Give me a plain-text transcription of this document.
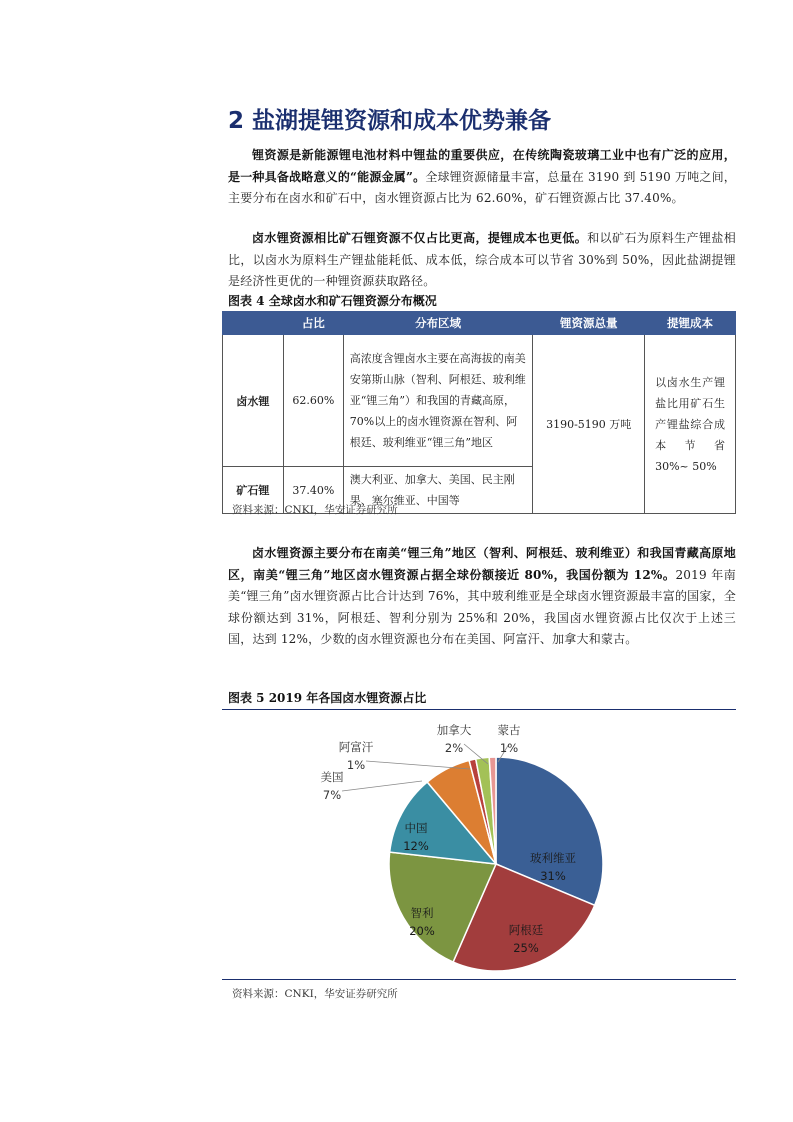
2 盐湖提锂资源和成本优势兼备

锂资源是新能源锂电池材料中锂盐的重要供应，在传统陶瓷玻璃工业中也有广泛的应用，是一种具备战略意义的“能源金属”。全球锂资源储量丰富，总量在 3190 到 5190 万吨之间，主要分布在卤水和矿石中，卤水锂资源占比为 62.60%，矿石锂资源占比 37.40%。

卤水锂资源相比矿石锂资源不仅占比更高，提锂成本也更低。和以矿石为原料生产锂盐相比，以卤水为原料生产锂盐能耗低、成本低，综合成本可以节省 30%到 50%，因此盐湖提锂是经济性更优的一种锂资源获取路径。

图表 4 全球卤水和矿石锂资源分布概况

	占比	分布区域	锂资源总量	提锂成本
卤水锂	62.60%	高浓度含锂卤水主要在高海拔的南美安第斯山脉（智利、阿根廷、玻利维亚“锂三角”）和我国的青藏高原，70%以上的卤水锂资源在智利、阿根廷、玻利维亚“锂三角”地区	3190-5190 万吨	以卤水生产锂盐比用矿石生产锂盐综合成本节省 30%~ 50%
矿石锂	37.40%	澳大利亚、加拿大、美国、民主刚果、塞尔维亚、中国等		

资料来源：CNKI，华安证券研究所

卤水锂资源主要分布在南美“锂三角”地区（智利、阿根廷、玻利维亚）和我国青藏高原地区，南美“锂三角”地区卤水锂资源占据全球份额接近 80%，我国份额为 12%。2019 年南美“锂三角”卤水锂资源占比合计达到 76%，其中玻利维亚是全球卤水锂资源最丰富的国家，全球份额达到 31%，阿根廷、智利分别为 25%和 20%，我国卤水锂资源占比仅次于上述三国，达到 12%，少数的卤水锂资源也分布在美国、阿富汗、加拿大和蒙古。

图表 5 2019 年各国卤水锂资源占比

玻利维亚
31%
阿根廷
25%
智利
20%
中国
12%
美国
7%
阿富汗
1%
加拿大
2%
蒙古
1%

资料来源：CNKI，华安证券研究所
